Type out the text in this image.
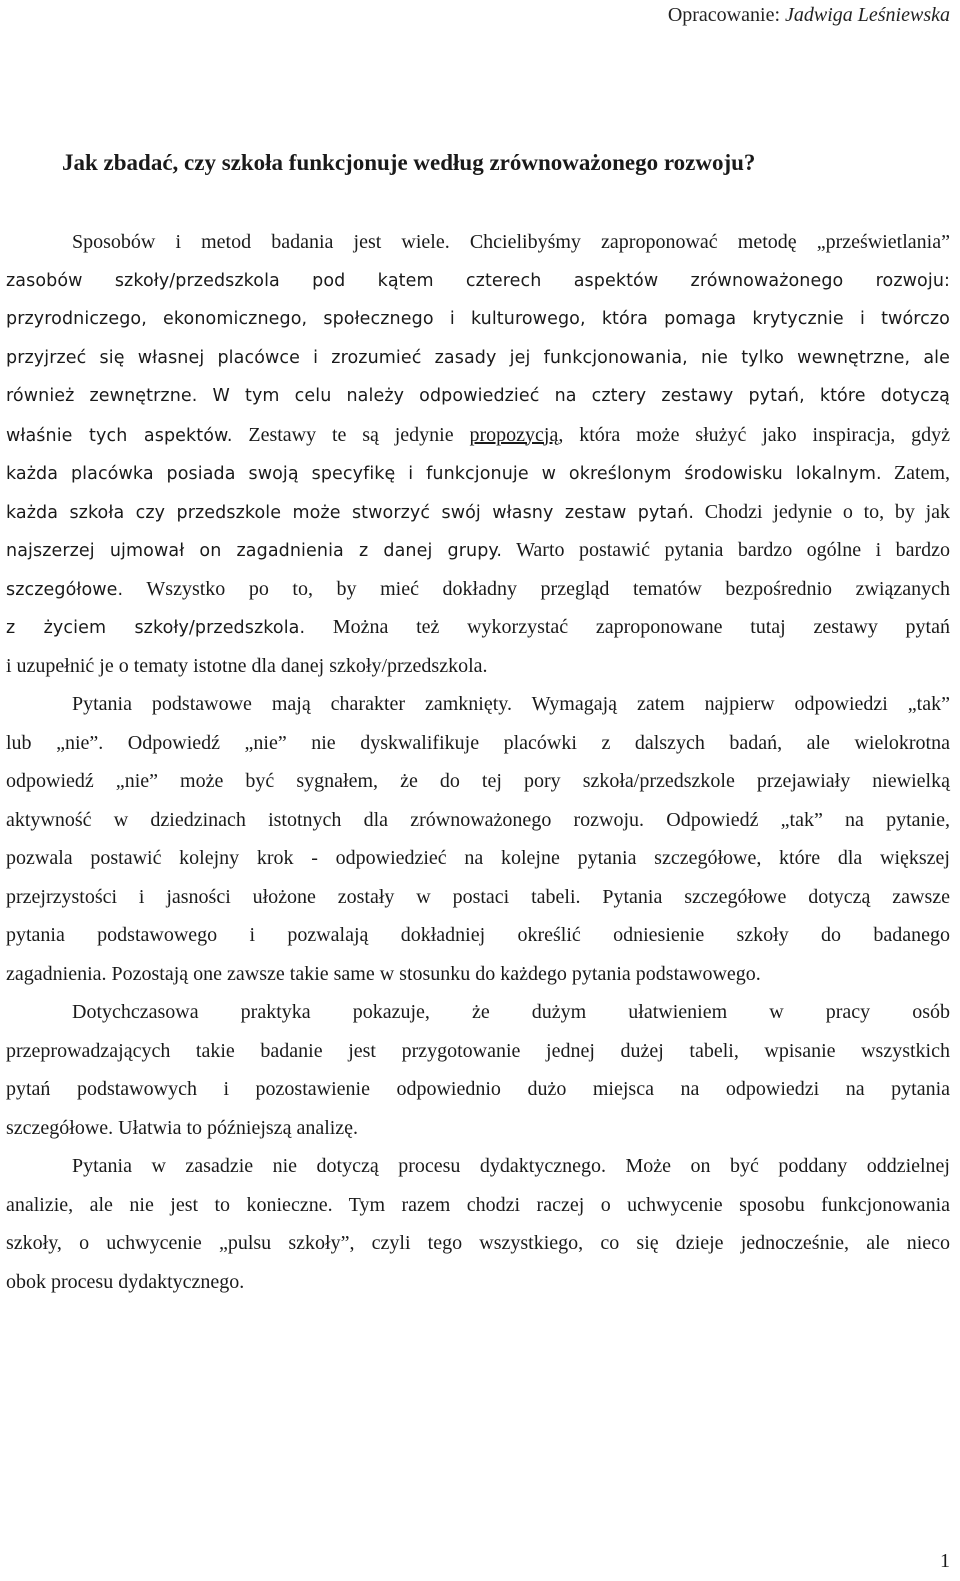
Opracowanie: Jadwiga Leśniewska
Jak zbadać, czy szkoła funkcjonuje według zrównoważonego rozwoju?
Sposobów i metod badania jest wiele. Chcielibyśmy zaproponować metodę „prześwietlania”
zasobów szkoły/przedszkola pod kątem czterech aspektów zrównoważonego rozwoju:
przyrodniczego, ekonomicznego, społecznego i kulturowego, która pomaga krytycznie i twórczo
przyjrzeć się własnej placówce i zrozumieć zasady jej funkcjonowania, nie tylko wewnętrzne, ale
również zewnętrzne. W tym celu należy odpowiedzieć na cztery zestawy pytań, które dotyczą
właśnie tych aspektów. Zestawy te są jedynie propozycją, która może służyć jako inspiracja, gdyż
każda placówka posiada swoją specyfikę i funkcjonuje w określonym środowisku lokalnym. Zatem,
każda szkoła czy przedszkole może stworzyć swój własny zestaw pytań. Chodzi jedynie o to, by jak
najszerzej ujmował on zagadnienia z danej grupy. Warto postawić pytania bardzo ogólne i bardzo
szczegółowe. Wszystko po to, by mieć dokładny przegląd tematów bezpośrednio związanych
z życiem szkoły/przedszkola. Można też wykorzystać zaproponowane tutaj zestawy pytań
i uzupełnić je o tematy istotne dla danej szkoły/przedszkola.
Pytania podstawowe mają charakter zamknięty. Wymagają zatem najpierw odpowiedzi „tak”
lub „nie”. Odpowiedź „nie” nie dyskwalifikuje placówki z dalszych badań, ale wielokrotna
odpowiedź „nie” może być sygnałem, że do tej pory szkoła/przedszkole przejawiały niewielką
aktywność w dziedzinach istotnych dla zrównoważonego rozwoju. Odpowiedź „tak” na pytanie,
pozwala postawić kolejny krok - odpowiedzieć na kolejne pytania szczegółowe, które dla większej
przejrzystości i jasności ułożone zostały w postaci tabeli. Pytania szczegółowe dotyczą zawsze
pytania podstawowego i pozwalają dokładniej określić odniesienie szkoły do badanego
zagadnienia. Pozostają one zawsze takie same w stosunku do każdego pytania podstawowego.
Dotychczasowa praktyka pokazuje, że dużym ułatwieniem w pracy osób
przeprowadzających takie badanie jest przygotowanie jednej dużej tabeli, wpisanie wszystkich
pytań podstawowych i pozostawienie odpowiednio dużo miejsca na odpowiedzi na pytania
szczegółowe. Ułatwia to późniejszą analizę.
Pytania w zasadzie nie dotyczą procesu dydaktycznego. Może on być poddany oddzielnej
analizie, ale nie jest to konieczne. Tym razem chodzi raczej o uchwycenie sposobu funkcjonowania
szkoły, o uchwycenie „pulsu szkoły”, czyli tego wszystkiego, co się dzieje jednocześnie, ale nieco
obok procesu dydaktycznego.
1
